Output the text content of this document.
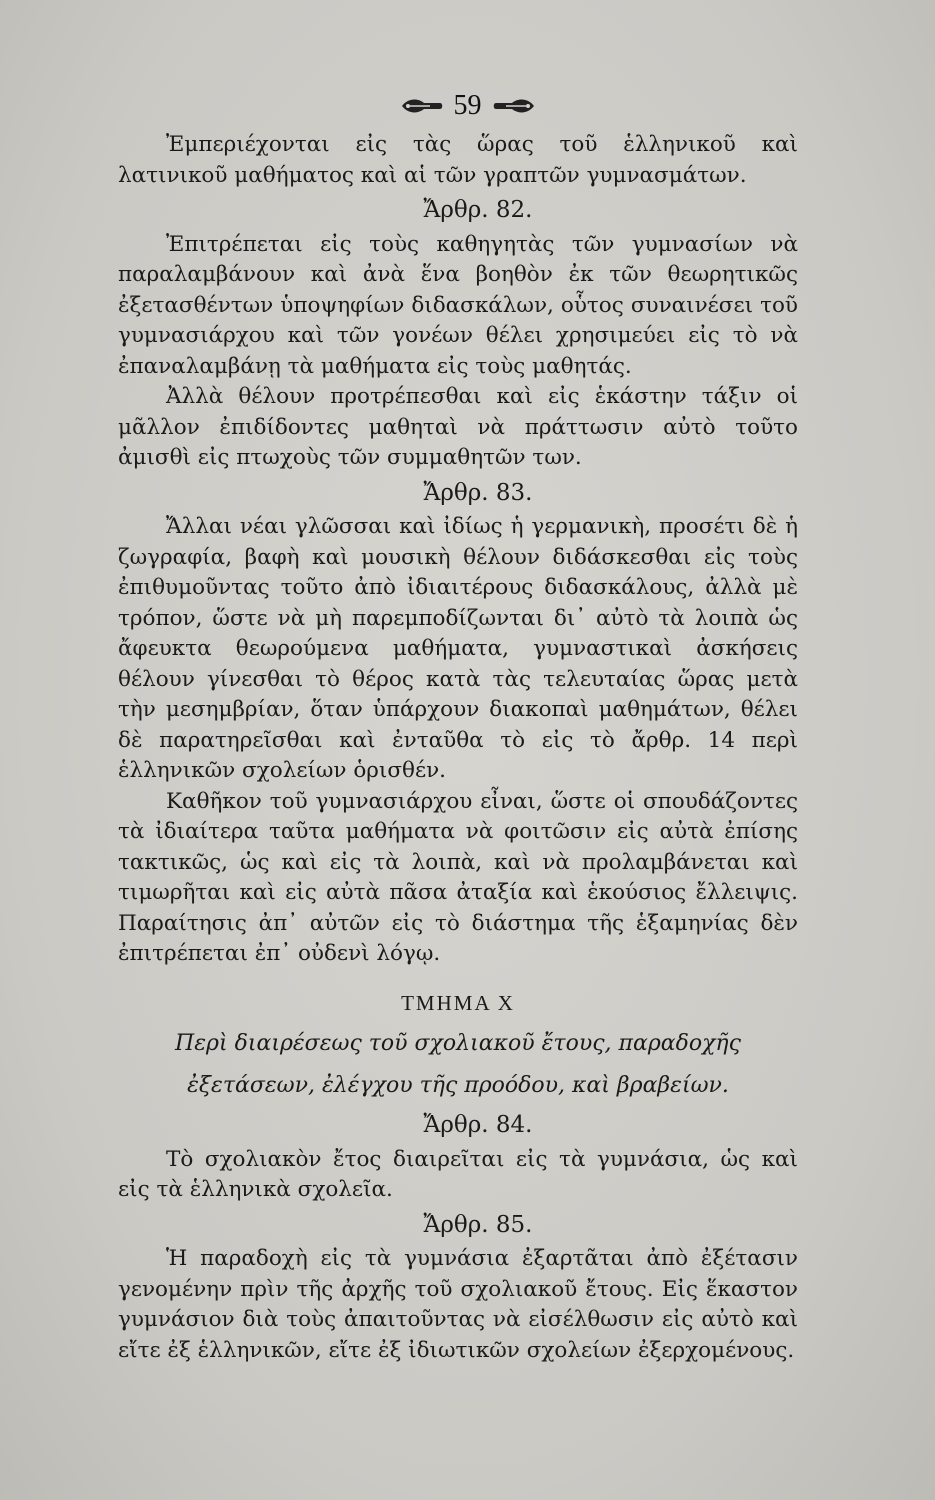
59

Ἐμπεριέχονται εἰς τὰς ὥρας τοῦ ἑλληνικοῦ καὶ λατινικοῦ μαθήματος καὶ αἱ τῶν γραπτῶν γυμνασμάτων.

Ἄρθρ. 82.

Ἐπιτρέπεται εἰς τοὺς καθηγητὰς τῶν γυμνασίων νὰ παραλαμβάνουν καὶ ἀνὰ ἕνα βοηθὸν ἐκ τῶν θεωρητικῶς ἐξετασθέντων ὑποψηφίων διδασκάλων, οὗτος συναινέσει τοῦ γυμνασιάρχου καὶ τῶν γονέων θέλει χρησιμεύει εἰς τὸ νὰ ἐπαναλαμβάνῃ τὰ μαθήματα εἰς τοὺς μαθητάς.

Ἀλλὰ θέλουν προτρέπεσθαι καὶ εἰς ἑκάστην τάξιν οἱ μᾶλλον ἐπιδίδοντες μαθηταὶ νὰ πράττωσιν αὐτὸ τοῦτο ἀμισθὶ εἰς πτωχοὺς τῶν συμμαθητῶν των.

Ἄρθρ. 83.

Ἄλλαι νέαι γλῶσσαι καὶ ἰδίως ἡ γερμανικὴ, προσέτι δὲ ἡ ζωγραφία, βαφὴ καὶ μουσικὴ θέλουν διδάσκεσθαι εἰς τοὺς ἐπιθυμοῦντας τοῦτο ἀπὸ ἰδιαιτέρους διδασκάλους, ἀλλὰ μὲ τρόπον, ὥστε νὰ μὴ παρεμποδίζωνται δι᾽ αὐτὸ τὰ λοιπὰ ὡς ἄφευκτα θεωρούμενα μαθήματα, γυμναστικαὶ ἀσκήσεις θέλουν γίνεσθαι τὸ θέρος κατὰ τὰς τελευταίας ὥρας μετὰ τὴν μεσημβρίαν, ὅταν ὑπάρχουν διακοπαὶ μαθημάτων, θέλει δὲ παρατηρεῖσθαι καὶ ἐνταῦθα τὸ εἰς τὸ ἄρθρ. 14 περὶ ἑλληνικῶν σχολείων ὁρισθέν.

Καθῆκον τοῦ γυμνασιάρχου εἶναι, ὥστε οἱ σπουδάζοντες τὰ ἰδιαίτερα ταῦτα μαθήματα νὰ φοιτῶσιν εἰς αὐτὰ ἐπίσης τακτικῶς, ὡς καὶ εἰς τὰ λοιπὰ, καὶ νὰ προλαμβάνεται καὶ τιμωρῆται καὶ εἰς αὐτὰ πᾶσα ἀταξία καὶ ἑκούσιος ἔλλειψις. Παραίτησις ἀπ᾽ αὐτῶν εἰς τὸ διάστημα τῆς ἑξαμηνίας δὲν ἐπιτρέπεται ἐπ᾽ οὐδενὶ λόγῳ.

ΤΜΗΜΑ Χ
Περὶ διαιρέσεως τοῦ σχολιακοῦ ἔτους, παραδοχῆς
ἐξετάσεων, ἐλέγχου τῆς προόδου, καὶ βραβείων.
Ἄρθρ. 84.

Τὸ σχολιακὸν ἔτος διαιρεῖται εἰς τὰ γυμνάσια, ὡς καὶ εἰς τὰ ἑλληνικὰ σχολεῖα.

Ἄρθρ. 85.

Ἡ παραδοχὴ εἰς τὰ γυμνάσια ἐξαρτᾶται ἀπὸ ἐξέτασιν γενομένην πρὶν τῆς ἀρχῆς τοῦ σχολιακοῦ ἔτους. Εἰς ἕκαστον γυμνάσιον διὰ τοὺς ἀπαιτοῦντας νὰ εἰσέλθωσιν εἰς αὐτὸ καὶ εἴτε ἐξ ἑλληνικῶν, εἴτε ἐξ ἰδιωτικῶν σχολείων ἐξερχομένους.
